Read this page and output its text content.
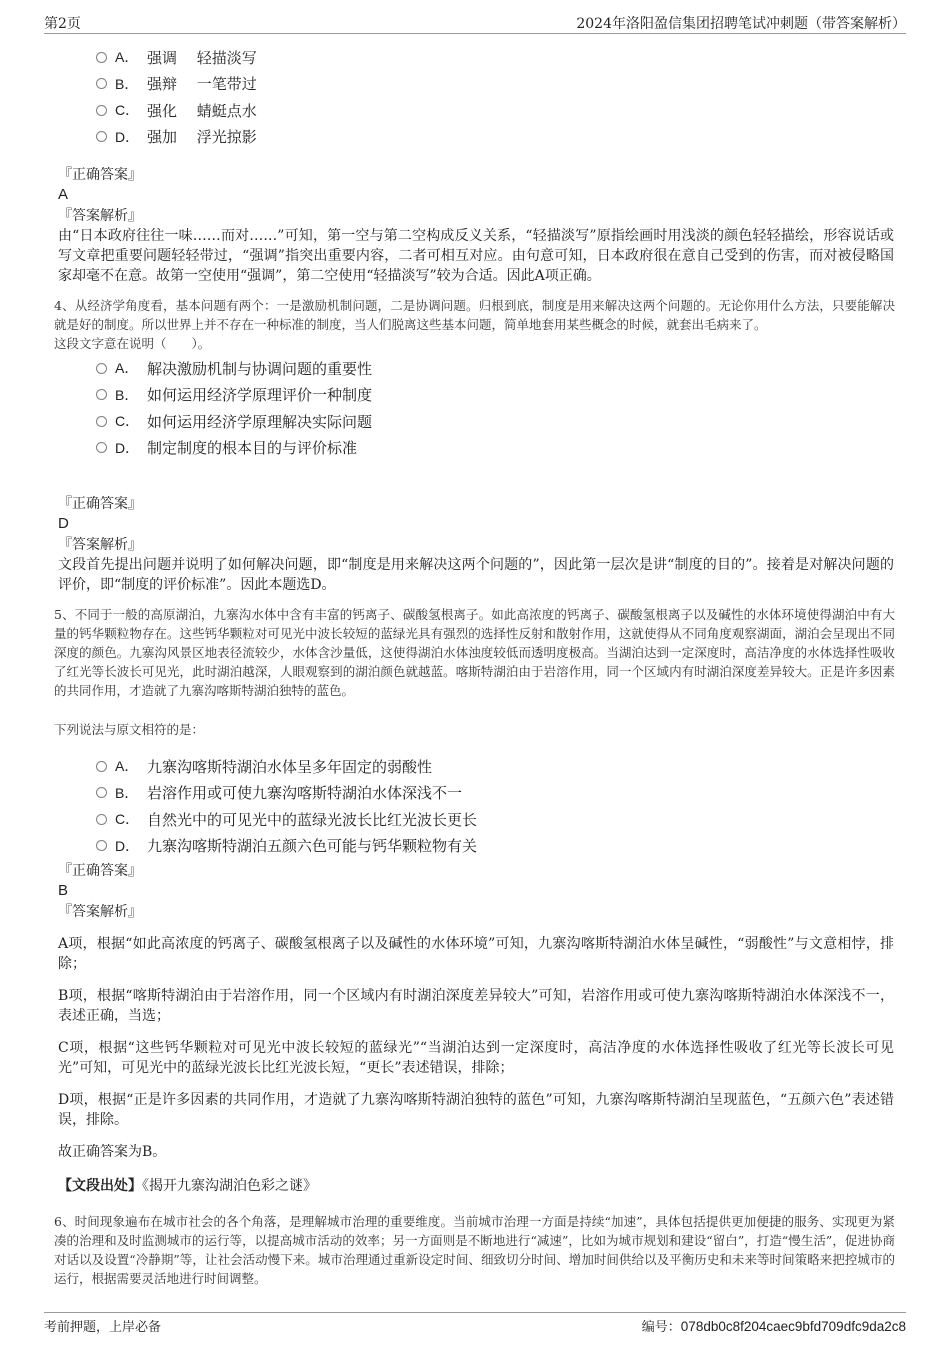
第2页	2024年洛阳盈信集团招聘笔试冲刺题（带答案解析）
A． 强调　 轻描淡写
B． 强辩　 一笔带过
C． 强化　 蜻蜓点水
D． 强加　 浮光掠影
『正确答案』
A
『答案解析』
由“日本政府往往一味……而对……”可知，第一空与第二空构成反义关系，“轻描淡写”原指绘画时用浅淡的颜色轻轻描绘，形容说话或写文章把重要问题轻轻带过，“强调”指突出重要内容，二者可相互对应。由句意可知，日本政府很在意自己受到的伤害，而对被侵略国家却毫不在意。故第一空使用“强调”，第二空使用“轻描淡写”较为合适。因此A项正确。
4、从经济学角度看，基本问题有两个：一是激励机制问题，二是协调问题。归根到底，制度是用来解决这两个问题的。无论你用什么方法，只要能解决就是好的制度。所以世界上并不存在一种标准的制度，当人们脱离这些基本问题，简单地套用某些概念的时候，就套出毛病来了。
这段文字意在说明（　　）。
A． 解决激励机制与协调问题的重要性
B． 如何运用经济学原理评价一种制度
C． 如何运用经济学原理解决实际问题
D． 制定制度的根本目的与评价标准
『正确答案』
D
『答案解析』
文段首先提出问题并说明了如何解决问题，即“制度是用来解决这两个问题的”，因此第一层次是讲“制度的目的”。接着是对解决问题的评价，即“制度的评价标准”。因此本题选D。
5、不同于一般的高原湖泊，九寨沟水体中含有丰富的钙离子、碳酸氢根离子。如此高浓度的钙离子、碳酸氢根离子以及碱性的水体环境使得湖泊中有大量的钙华颗粒物存在。这些钙华颗粒对可见光中波长较短的蓝绿光具有强烈的选择性反射和散射作用，这就使得从不同角度观察湖面，湖泊会呈现出不同深度的颜色。九寨沟风景区地表径流较少，水体含沙量低，这使得湖泊水体浊度较低而透明度极高。当湖泊达到一定深度时，高洁净度的水体选择性吸收了红光等长波长可见光，此时湖泊越深，人眼观察到的湖泊颜色就越蓝。喀斯特湖泊由于岩溶作用，同一个区域内有时湖泊深度差异较大。正是许多因素的共同作用，才造就了九寨沟喀斯特湖泊独特的蓝色。
下列说法与原文相符的是：
A． 九寨沟喀斯特湖泊水体呈多年固定的弱酸性
B． 岩溶作用或可使九寨沟喀斯特湖泊水体深浅不一
C． 自然光中的可见光中的蓝绿光波长比红光波长更长
D． 九寨沟喀斯特湖泊五颜六色可能与钙华颗粒物有关
『正确答案』
B
『答案解析』
A项，根据“如此高浓度的钙离子、碳酸氢根离子以及碱性的水体环境”可知，九寨沟喀斯特湖泊水体呈碱性，“弱酸性”与文意相悖，排除；
B项，根据“喀斯特湖泊由于岩溶作用，同一个区域内有时湖泊深度差异较大”可知，岩溶作用或可使九寨沟喀斯特湖泊水体深浅不一，表述正确，当选；
C项，根据“这些钙华颗粒对可见光中波长较短的蓝绿光”“当湖泊达到一定深度时，高洁净度的水体选择性吸收了红光等长波长可见光”可知，可见光中的蓝绿光波长比红光波长短，“更长”表述错误，排除；
D项，根据“正是许多因素的共同作用，才造就了九寨沟喀斯特湖泊独特的蓝色”可知，九寨沟喀斯特湖泊呈现蓝色，“五颜六色”表述错误，排除。
故正确答案为B。
【文段出处】《揭开九寨沟湖泊色彩之谜》
6、时间现象遍布在城市社会的各个角落，是理解城市治理的重要维度。当前城市治理一方面是持续“加速”，具体包括提供更加便捷的服务、实现更为紧凑的治理和及时监测城市的运行等，以提高城市活动的效率；另一方面则是不断地进行“减速”，比如为城市规划和建设“留白”，打造“慢生活”，促进协商对话以及设置“冷静期”等，让社会活动慢下来。城市治理通过重新设定时间、细致切分时间、增加时间供给以及平衡历史和未来等时间策略来把控城市的运行，根据需要灵活地进行时间调整。
考前押题，上岸必备	编号：078db0c8f204caec9bfd709dfc9da2c8
